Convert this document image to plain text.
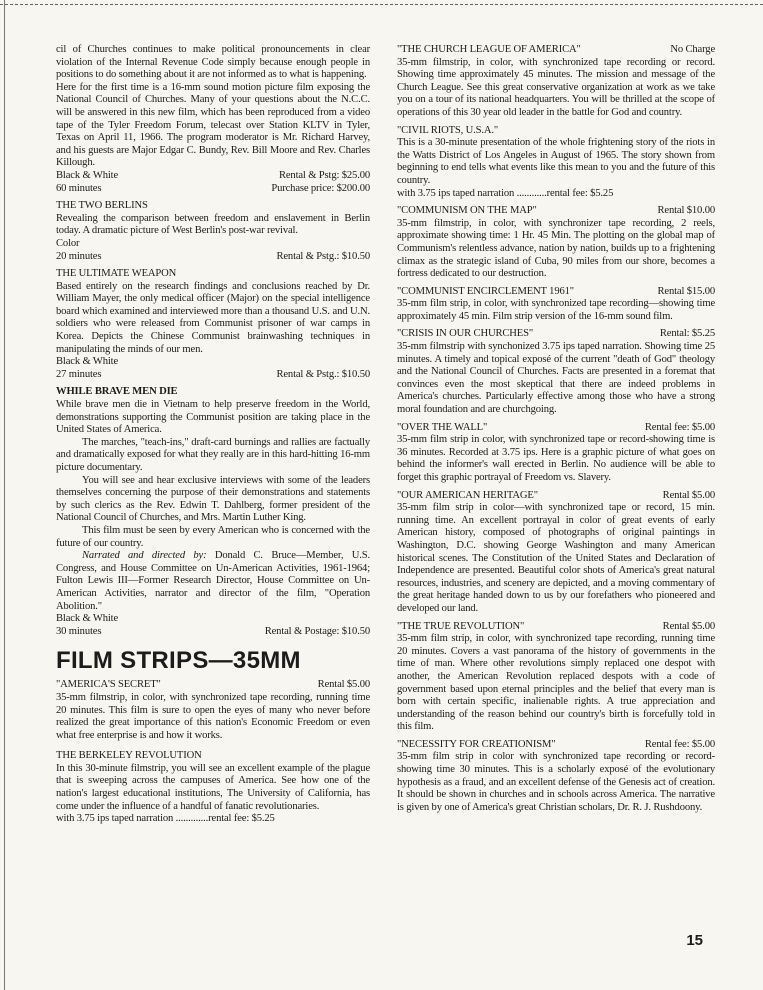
cil of Churches continues to make political pronouncements in clear violation of the Internal Revenue Code simply because enough people in positions to do something about it are not informed as to what is happening.

Here for the first time is a 16-mm sound motion picture film exposing the National Council of Churches. Many of your questions about the N.C.C. will be answered in this new film, which has been reproduced from a video tape of the Tyler Freedom Forum, telecast over Station KLTV in Tyler, Texas on April 11, 1966. The program moderator is Mr. Richard Harvey, and his guests are Major Edgar C. Bundy, Rev. Bill Moore and Rev. Charles Killough.

Black & White	Rental & Pstg: $25.00
60 minutes	Purchase price: $200.00
THE TWO BERLINS

Revealing the comparison between freedom and enslavement in Berlin today. A dramatic picture of West Berlin's post-war revival.

Color
20 minutes	Rental & Pstg.: $10.50
THE ULTIMATE WEAPON

Based entirely on the research findings and conclusions reached by Dr. William Mayer, the only medical officer (Major) on the special intelligence board which examined and interviewed more than a thousand U.S. and U.N. soldiers who were released from Communist prisoner of war camps in Korea. Depicts the Chinese Communist brainwashing techniques in manipulating the minds of our men.

Black & White
27 minutes	Rental & Pstg.: $10.50
WHILE BRAVE MEN DIE

While brave men die in Vietnam to help preserve freedom in the World, demonstrations supporting the Communist position are taking place in the United States of America.

The marches, "teach-ins," draft-card burnings and rallies are factually and dramatically exposed for what they really are in this hard-hitting 16-mm picture documentary.

You will see and hear exclusive interviews with some of the leaders themselves concerning the purpose of their demonstrations and statements by such clerics as the Rev. Edwin T. Dahlberg, former president of the National Council of Churches, and Mrs. Martin Luther King.

This film must be seen by every American who is concerned with the future of our country.

Narrated and directed by: Donald C. Bruce—Member, U.S. Congress, and House Committee on Un-American Activities, 1961-1964; Fulton Lewis III—Former Research Director, House Committee on Un-American Activities, narrator and director of the film, "Operation Abolition."

Black & White
30 minutes	Rental & Postage: $10.50
FILM STRIPS—35MM
"AMERICA'S SECRET"	Rental $5.00

35-mm filmstrip, in color, with synchronized tape recording, running time 20 minutes. This film is sure to open the eyes of many who never before realized the great importance of this nation's Economic Freedom or even what free enterprise is and how it works.

THE BERKELEY REVOLUTION

In this 30-minute filmstrip, you will see an excellent example of the plague that is sweeping across the campuses of America. See how one of the nation's largest educational institutions, The University of California, has come under the influence of a handful of fanatic revolutionaries.

with 3.75 ips taped narration .............rental fee: $5.25
"THE CHURCH LEAGUE OF AMERICA"	No Charge

35-mm filmstrip, in color, with synchronized tape recording or record. Showing time approximately 45 minutes. The mission and message of the Church League. See this great conservative organization at work as we take you on a tour of its national headquarters. You will be thrilled at the scope of operations of this 30 year old leader in the battle for God and country.

"CIVIL RIOTS, U.S.A."

This is a 30-minute presentation of the whole frightening story of the riots in the Watts District of Los Angeles in August of 1965. The story shown from beginning to end tells what events like this mean to you and the future of this country.

with 3.75 ips taped narration ............rental fee: $5.25
"COMMUNISM ON THE MAP"	Rental $10.00

35-mm filmstrip, in color, with synchronizer tape recording, 2 reels, approximate showing time: 1 Hr. 45 Min. The plotting on the global map of Communism's relentless advance, nation by nation, builds up to a frightening climax as the strategic island of Cuba, 90 miles from our shore, becomes a fortress dedicated to our destruction.

"COMMUNIST ENCIRCLEMENT 1961"	Rental $15.00

35-mm film strip, in color, with synchronized tape recording—showing time approximately 45 min. Film strip version of the 16-mm sound film.

"CRISIS IN OUR CHURCHES"	Rental: $5.25

35-mm filmstrip with synchonized 3.75 ips taped narration. Showing time 25 minutes. A timely and topical exposé of the current "death of God" theology and the National Council of Churches. Facts are presented in a foremat that convinces even the most skeptical that there are indeed problems in America's churches. Particularly effective among those who have a strong moral foundation and are churchgoing.

"OVER THE WALL"	Rental fee: $5.00

35-mm film strip in color, with synchronized tape or record-showing time is 36 minutes. Recorded at 3.75 ips. Here is a graphic picture of what goes on behind the informer's wall erected in Berlin. No audience will be able to forget this graphic portrayal of Freedom vs. Slavery.

"OUR AMERICAN HERITAGE"	Rental $5.00

35-mm film strip in color—with synchronized tape or record, 15 min. running time. An excellent portrayal in color of great events of early American history, composed of photographs of original paintings in Washington, D.C. showing George Washington and many American historical scenes. The Constitution of the United States and Declaration of Independence are presented. Beautiful color shots of America's great natural resources, industries, and scenery are depicted, and a moving commentary of the great heritage handed down to us by our forefathers who pioneered and developed our land.

"THE TRUE REVOLUTION"	Rental $5.00

35-mm film strip, in color, with synchronized tape recording, running time 20 minutes. Covers a vast panorama of the history of governments in the time of man. Where other revolutions simply replaced one despot with another, the American Revolution replaced despots with a code of government based upon eternal principles and the belief that every man is born with certain specific, inalienable rights. A true appreciation and understanding of the reason behind our country's birth is forcefully told in this film.

"NECESSITY FOR CREATIONISM"	Rental fee: $5.00

35-mm film strip in color with synchronized tape recording or record-showing time 30 minutes. This is a scholarly exposé of the evolutionary hypothesis as a fraud, and an excellent defense of the Genesis act of creation. It should be shown in churches and in schools across America. The narrative is given by one of America's great Christian scholars, Dr. R. J. Rushdoony.

15
